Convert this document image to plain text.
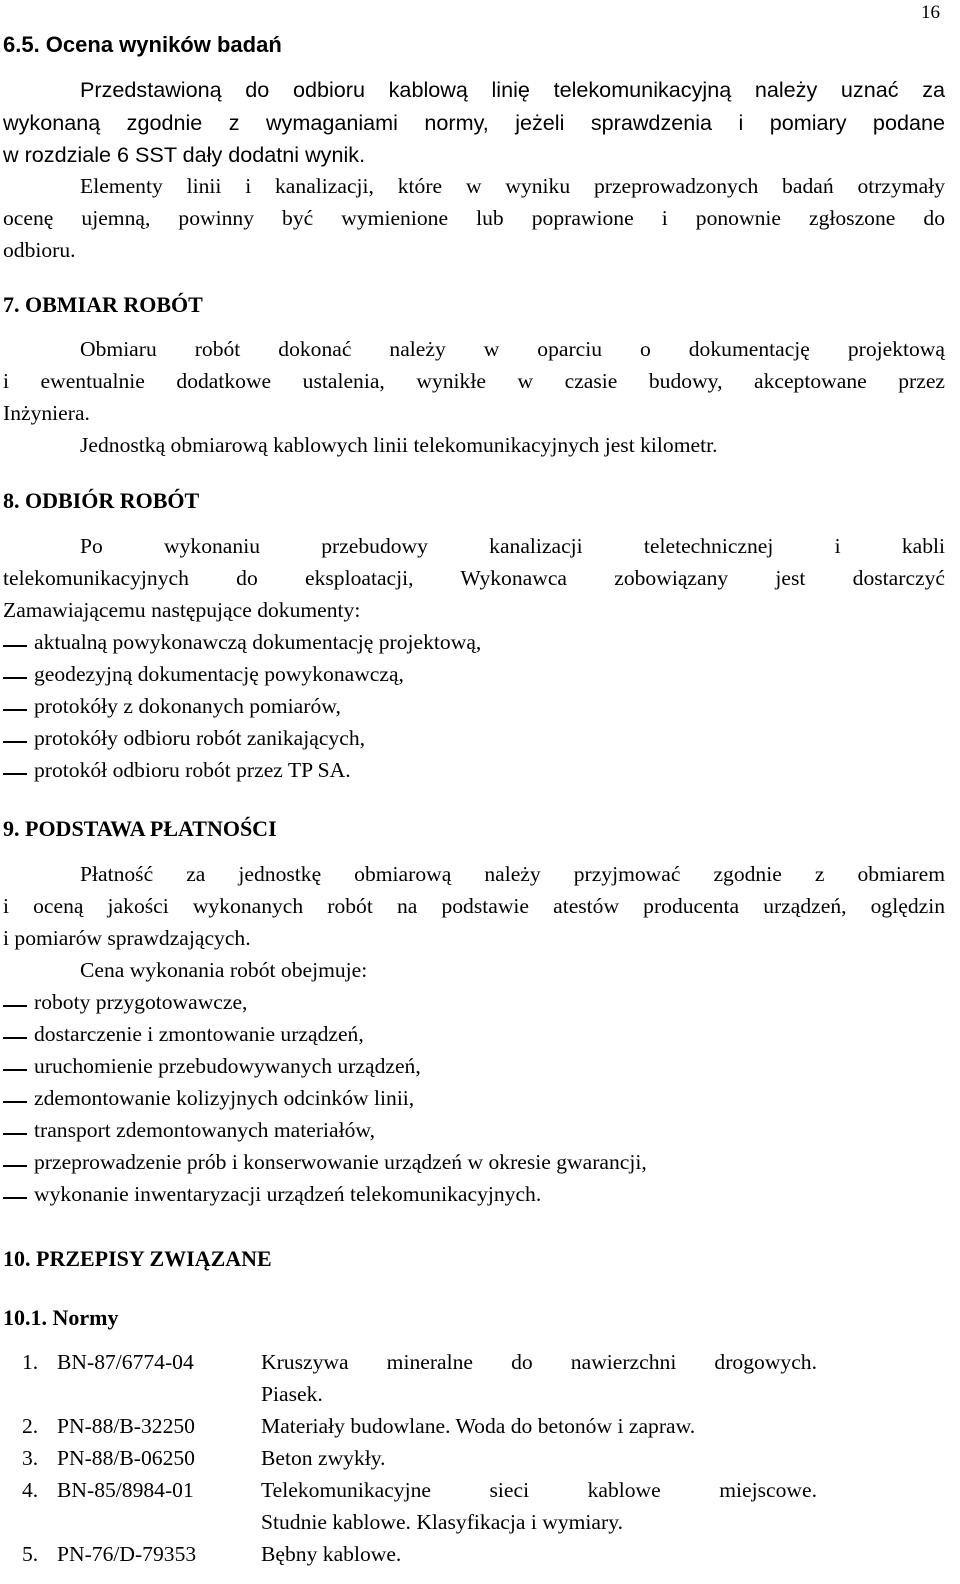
16
6.5. Ocena wyników badań
Przedstawioną do odbioru kablową linię telekomunikacyjną należy uznać za
wykonaną zgodnie z wymaganiami normy, jeżeli sprawdzenia i pomiary podane
w rozdziale 6 SST dały dodatni wynik.
Elementy linii i kanalizacji, które w wyniku przeprowadzonych badań otrzymały
ocenę ujemną, powinny być wymienione lub poprawione i ponownie zgłoszone do
odbioru.
7. OBMIAR ROBÓT
Obmiaru robót dokonać należy w oparciu o dokumentację projektową
i ewentualnie dodatkowe ustalenia, wynikłe w czasie budowy, akceptowane przez
Inżyniera.
Jednostką obmiarową kablowych linii telekomunikacyjnych jest kilometr.
8. ODBIÓR ROBÓT
Po wykonaniu przebudowy kanalizacji teletechnicznej i kabli
telekomunikacyjnych do eksploatacji, Wykonawca zobowiązany jest dostarczyć
Zamawiającemu następujące dokumenty:
aktualną powykonawczą dokumentację projektową,
geodezyjną dokumentację powykonawczą,
protokóły z dokonanych pomiarów,
protokóły odbioru robót zanikających,
protokół odbioru robót przez TP SA.
9. PODSTAWA PŁATNOŚCI
Płatność za jednostkę obmiarową należy przyjmować zgodnie z obmiarem
i oceną jakości wykonanych robót na podstawie atestów producenta urządzeń, oględzin
i pomiarów sprawdzających.
Cena wykonania robót obejmuje:
roboty przygotowawcze,
dostarczenie i zmontowanie urządzeń,
uruchomienie przebudowywanych urządzeń,
zdemontowanie kolizyjnych odcinków linii,
transport zdemontowanych materiałów,
przeprowadzenie prób i konserwowanie urządzeń w okresie gwarancji,
wykonanie inwentaryzacji urządzeń telekomunikacyjnych.
10. PRZEPISY ZWIĄZANE
10.1. Normy
1. BN-87/6774-04	Kruszywa mineralne do nawierzchni drogowych.
Piasek.
2. PN-88/B-32250	Materiały budowlane. Woda do betonów i zapraw.
3. PN-88/B-06250	Beton zwykły.
4. BN-85/8984-01	Telekomunikacyjne sieci kablowe miejscowe.
Studnie kablowe. Klasyfikacja i wymiary.
5. PN-76/D-79353	Bębny kablowe.
